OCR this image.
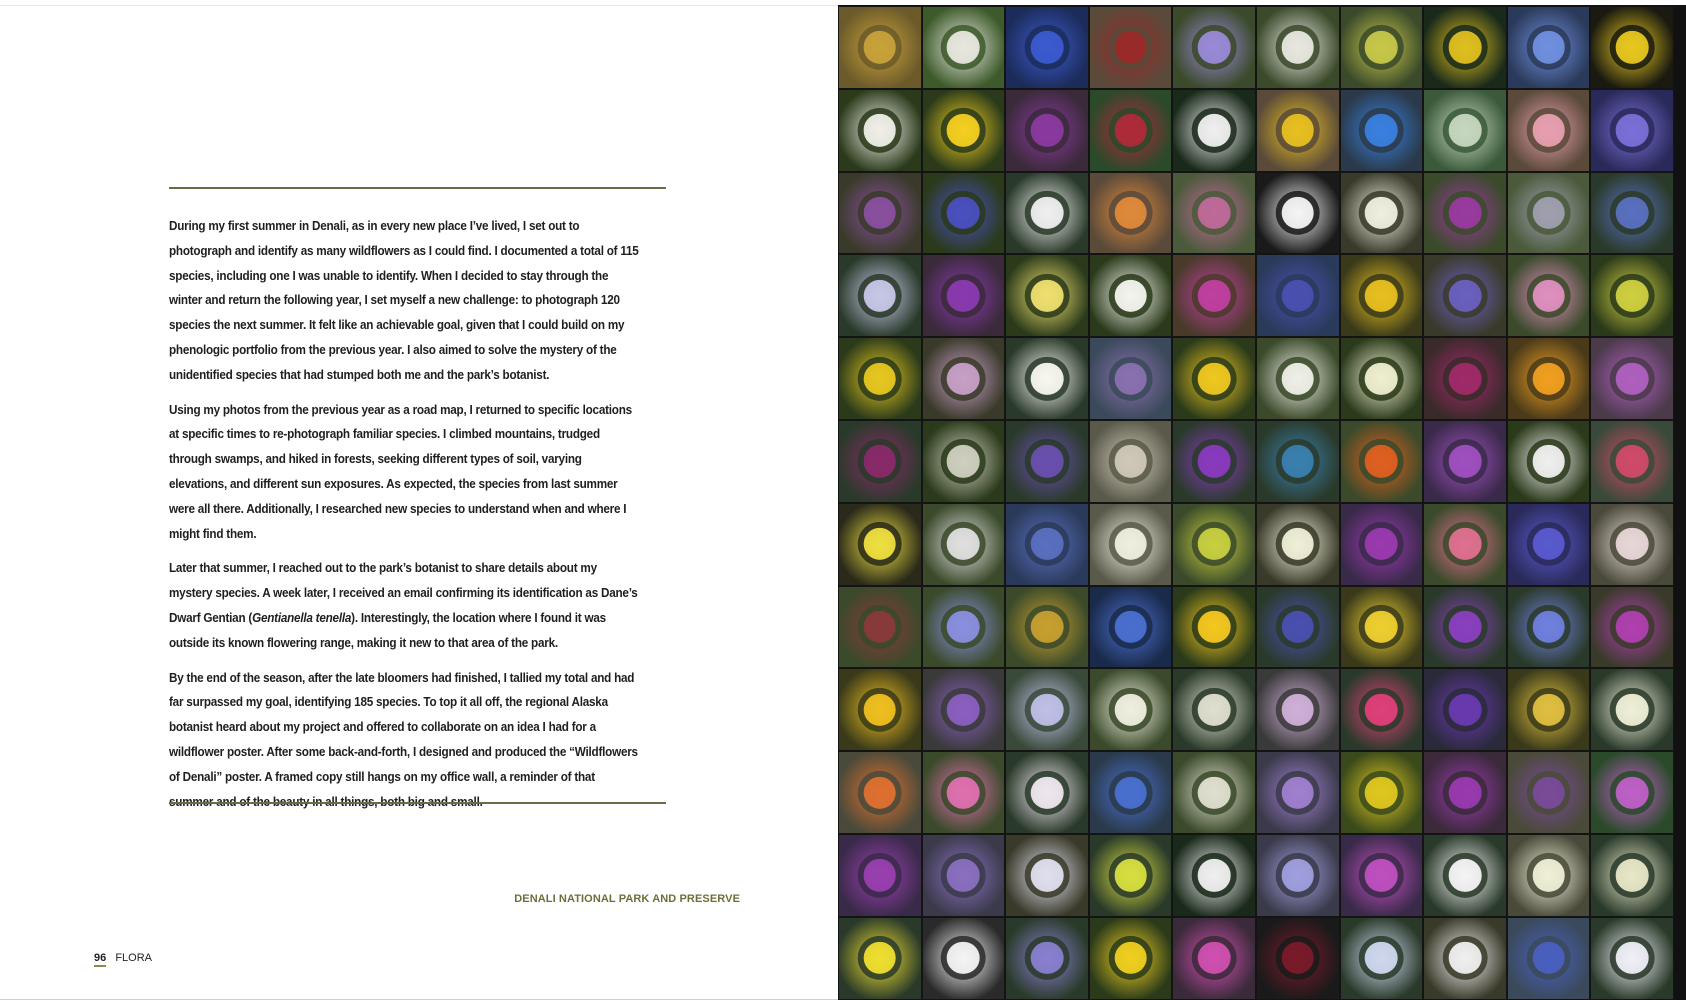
During my first summer in Denali, as in every new place I’ve lived, I set out to photograph and identify as many wildflowers as I could find. I documented a total of 115 species, including one I was unable to identify. When I decided to stay through the winter and return the following year, I set myself a new challenge: to photograph 120 species the next summer. It felt like an achievable goal, given that I could build on my phenologic portfolio from the previous year. I also aimed to solve the mystery of the unidentified species that had stumped both me and the park’s botanist.

Using my photos from the previous year as a road map, I returned to specific locations at specific times to re-photograph familiar species. I climbed mountains, trudged through swamps, and hiked in forests, seeking different types of soil, varying elevations, and different sun exposures. As expected, the species from last summer were all there. Additionally, I researched new species to understand when and where I might find them.

Later that summer, I reached out to the park’s botanist to share details about my mystery species. A week later, I received an email confirming its identification as Dane’s Dwarf Gentian (Gentianella tenella). Interestingly, the location where I found it was outside its known flowering range, making it new to that area of the park.

By the end of the season, after the late bloomers had finished, I tallied my total and had far surpassed my goal, identifying 185 species. To top it all off, the regional Alaska botanist heard about my project and offered to collaborate on an idea I had for a wildflower poster. After some back-and-forth, I designed and produced the “Wildflowers of Denali” poster. A framed copy still hangs on my office wall, a reminder of that

DENALI NATIONAL PARK AND PRESERVE
96 FLORA
